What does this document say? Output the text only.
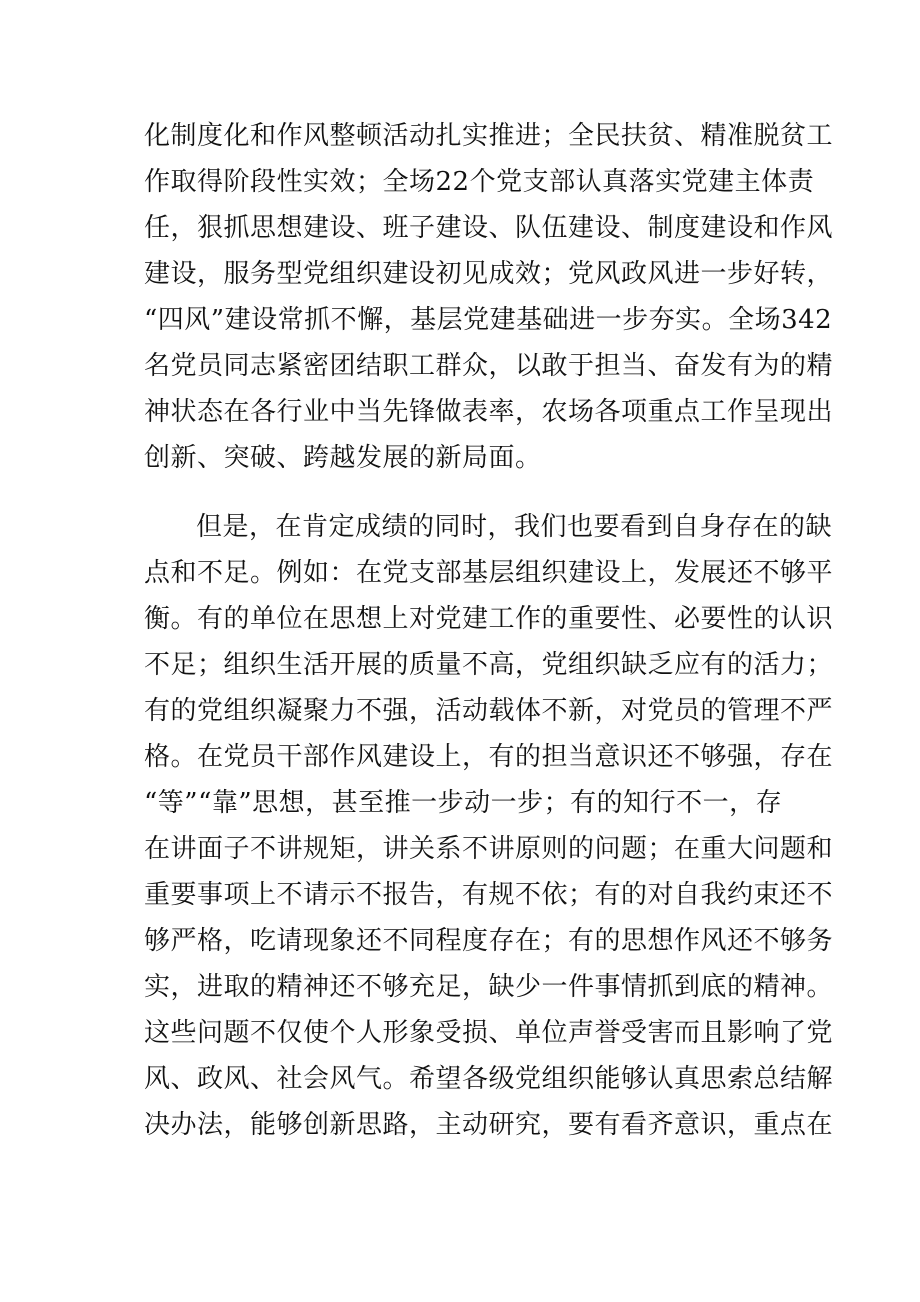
化制度化和作风整顿活动扎实推进；全民扶贫、精准脱贫工
作取得阶段性实效；全场22个党支部认真落实党建主体责
任，狠抓思想建设、班子建设、队伍建设、制度建设和作风
建设，服务型党组织建设初见成效；党风政风进一步好转，
“四风”建设常抓不懈，基层党建基础进一步夯实。全场342
名党员同志紧密团结职工群众，以敢于担当、奋发有为的精
神状态在各行业中当先锋做表率，农场各项重点工作呈现出
创新、突破、跨越发展的新局面。
但是，在肯定成绩的同时，我们也要看到自身存在的缺
点和不足。例如：在党支部基层组织建设上，发展还不够平
衡。有的单位在思想上对党建工作的重要性、必要性的认识
不足；组织生活开展的质量不高，党组织缺乏应有的活力；
有的党组织凝聚力不强，活动载体不新，对党员的管理不严
格。在党员干部作风建设上，有的担当意识还不够强，存在
“等”“靠”思想，甚至推一步动一步；有的知行不一，存
在讲面子不讲规矩，讲关系不讲原则的问题；在重大问题和
重要事项上不请示不报告，有规不依；有的对自我约束还不
够严格，吃请现象还不同程度存在；有的思想作风还不够务
实，进取的精神还不够充足，缺少一件事情抓到底的精神。
这些问题不仅使个人形象受损、单位声誉受害而且影响了党
风、政风、社会风气。希望各级党组织能够认真思索总结解
决办法，能够创新思路，主动研究，要有看齐意识，重点在
